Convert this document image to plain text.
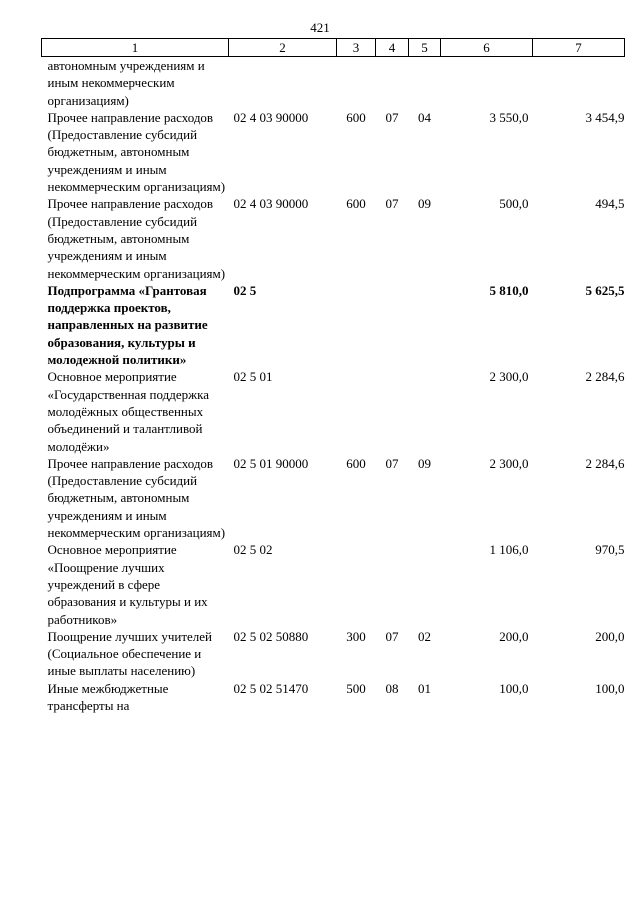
421
1	2	3	4	5	6	7
автономным учреждениям и иным некоммерческим организациям)						
Прочее направление расходов (Предоставление субсидий бюджетным, автономным учреждениям и иным некоммерческим организациям)	02 4 03 90000	600	07	04	3 550,0	3 454,9
Прочее направление расходов (Предоставление субсидий бюджетным, автономным учреждениям и иным некоммерческим организациям)	02 4 03 90000	600	07	09	500,0	494,5
Подпрограмма «Грантовая поддержка проектов, направленных на развитие образования, культуры и молодежной политики»	02 5				5 810,0	5 625,5
Основное мероприятие «Государственная поддержка молодёжных общественных объединений и талантливой молодёжи»	02 5 01				2 300,0	2 284,6
Прочее направление расходов (Предоставление субсидий бюджетным, автономным учреждениям и иным некоммерческим организациям)	02 5 01 90000	600	07	09	2 300,0	2 284,6
Основное мероприятие «Поощрение лучших учреждений в сфере образования и культуры и их работников»	02 5 02				1 106,0	970,5
Поощрение лучших учителей (Социальное обеспечение и иные выплаты населению)	02 5 02 50880	300	07	02	200,0	200,0
Иные межбюджетные трансферты на	02 5 02 51470	500	08	01	100,0	100,0
